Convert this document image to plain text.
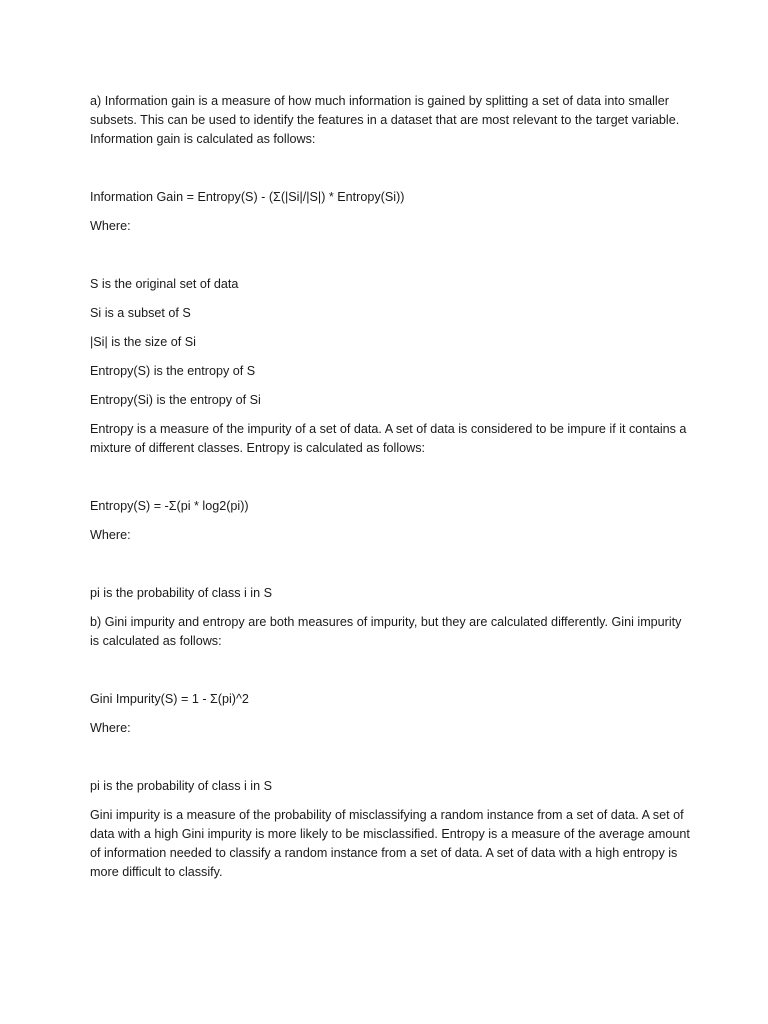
a) Information gain is a measure of how much information is gained by splitting a set of data into smaller subsets. This can be used to identify the features in a dataset that are most relevant to the target variable. Information gain is calculated as follows:

Information Gain = Entropy(S) - (Σ(|Si|/|S|) * Entropy(Si))

Where:

S is the original set of data

Si is a subset of S

|Si| is the size of Si

Entropy(S) is the entropy of S

Entropy(Si) is the entropy of Si

Entropy is a measure of the impurity of a set of data. A set of data is considered to be impure if it contains a mixture of different classes. Entropy is calculated as follows:

Entropy(S) = -Σ(pi * log2(pi))

Where:

pi is the probability of class i in S

b) Gini impurity and entropy are both measures of impurity, but they are calculated differently. Gini impurity is calculated as follows:

Gini Impurity(S) = 1 - Σ(pi)^2

Where:

pi is the probability of class i in S

Gini impurity is a measure of the probability of misclassifying a random instance from a set of data. A set of data with a high Gini impurity is more likely to be misclassified. Entropy is a measure of the average amount of information needed to classify a random instance from a set of data. A set of data with a high entropy is more difficult to classify.
